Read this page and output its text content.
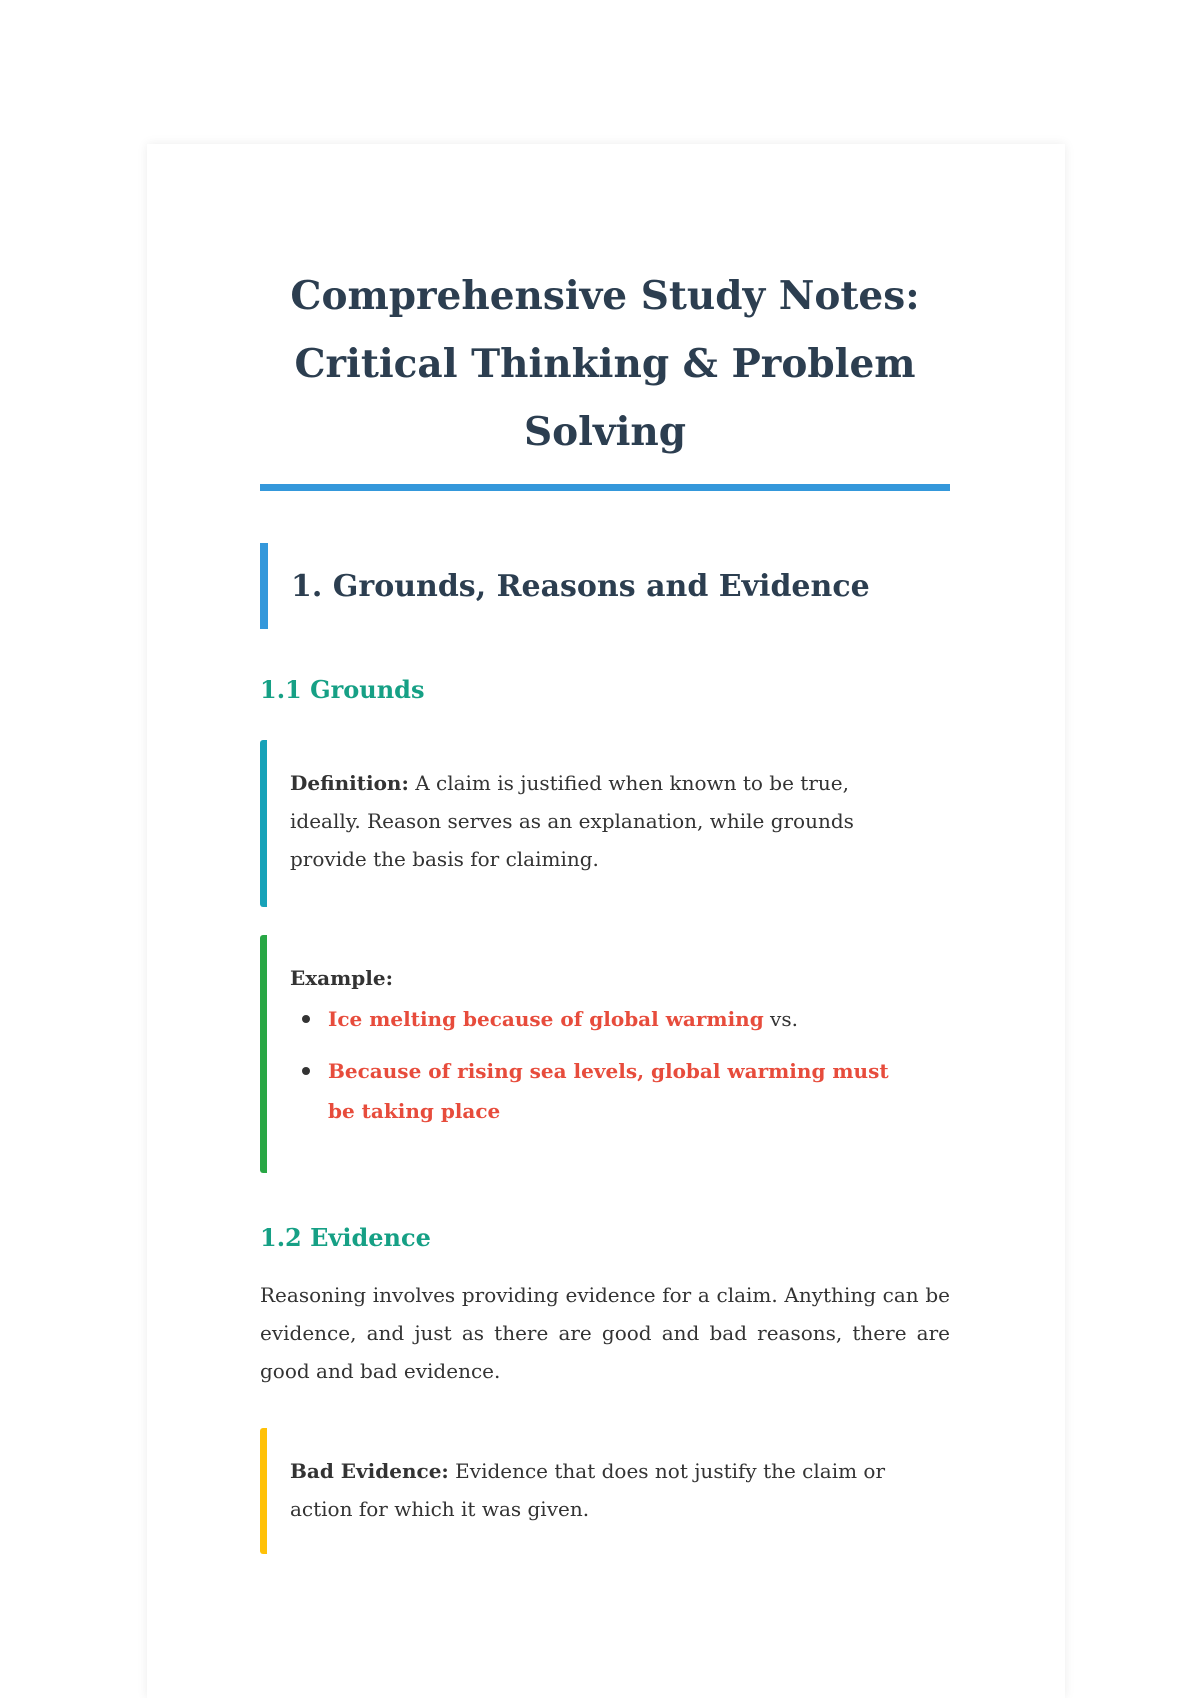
Comprehensive Study Notes: Critical Thinking & Problem Solving
1. Grounds, Reasons and Evidence
1.1 Grounds
Definition: A claim is justified when known to be true, ideally. Reason serves as an explanation, while grounds provide the basis for claiming.
Example:
Ice melting because of global warming vs.
Because of rising sea levels, global warming must be taking place
1.2 Evidence

Reasoning involves providing evidence for a claim. Anything can be evidence, and just as there are good and bad reasons, there are good and bad evidence.

Bad Evidence: Evidence that does not justify the claim or action for which it was given.
